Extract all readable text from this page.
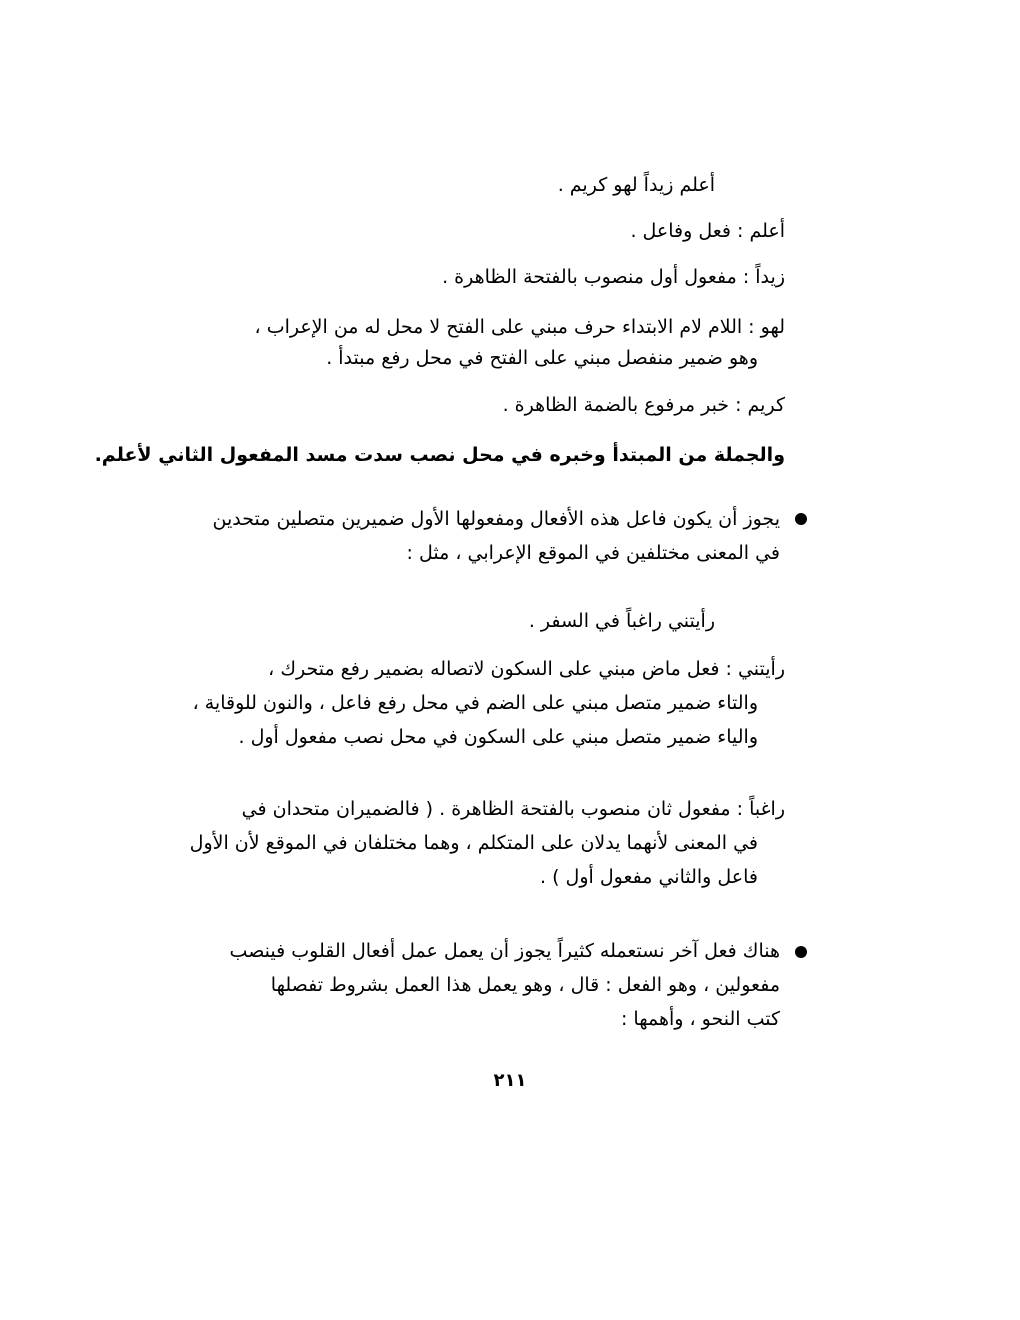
أعلم زيداً لهو كريم .
أعلم : فعل وفاعل .
زيداً : مفعول أول منصوب بالفتحة الظاهرة .
لهو : اللام لام الابتداء حرف مبني على الفتح لا محل له من الإعراب ،
وهو ضمير منفصل مبني على الفتح في محل رفع مبتدأ .
كريم : خبر مرفوع بالضمة الظاهرة .
والجملة من المبتدأ وخبره في محل نصب سدت مسد المفعول الثاني لأعلم.
يجوز أن يكون فاعل هذه الأفعال ومفعولها الأول ضميرين متصلين متحدين
في المعنى مختلفين في الموقع الإعرابي ، مثل :
رأيتني راغباً في السفر .
رأيتني : فعل ماض مبني على السكون لاتصاله بضمير رفع متحرك ،
والتاء ضمير متصل مبني على الضم في محل رفع فاعل ، والنون للوقاية ،
والياء ضمير متصل مبني على السكون في محل نصب مفعول أول .
راغباً : مفعول ثان منصوب بالفتحة الظاهرة . ( فالضميران متحدان في
في المعنى لأنهما يدلان على المتكلم ، وهما مختلفان في الموقع لأن الأول
فاعل والثاني مفعول أول ) .
هناك فعل آخر نستعمله كثيراً يجوز أن يعمل عمل أفعال القلوب فينصب
مفعولين ، وهو الفعل : قال ، وهو يعمل هذا العمل بشروط تفصلها
كتب النحو ، وأهمها :
٢١١
